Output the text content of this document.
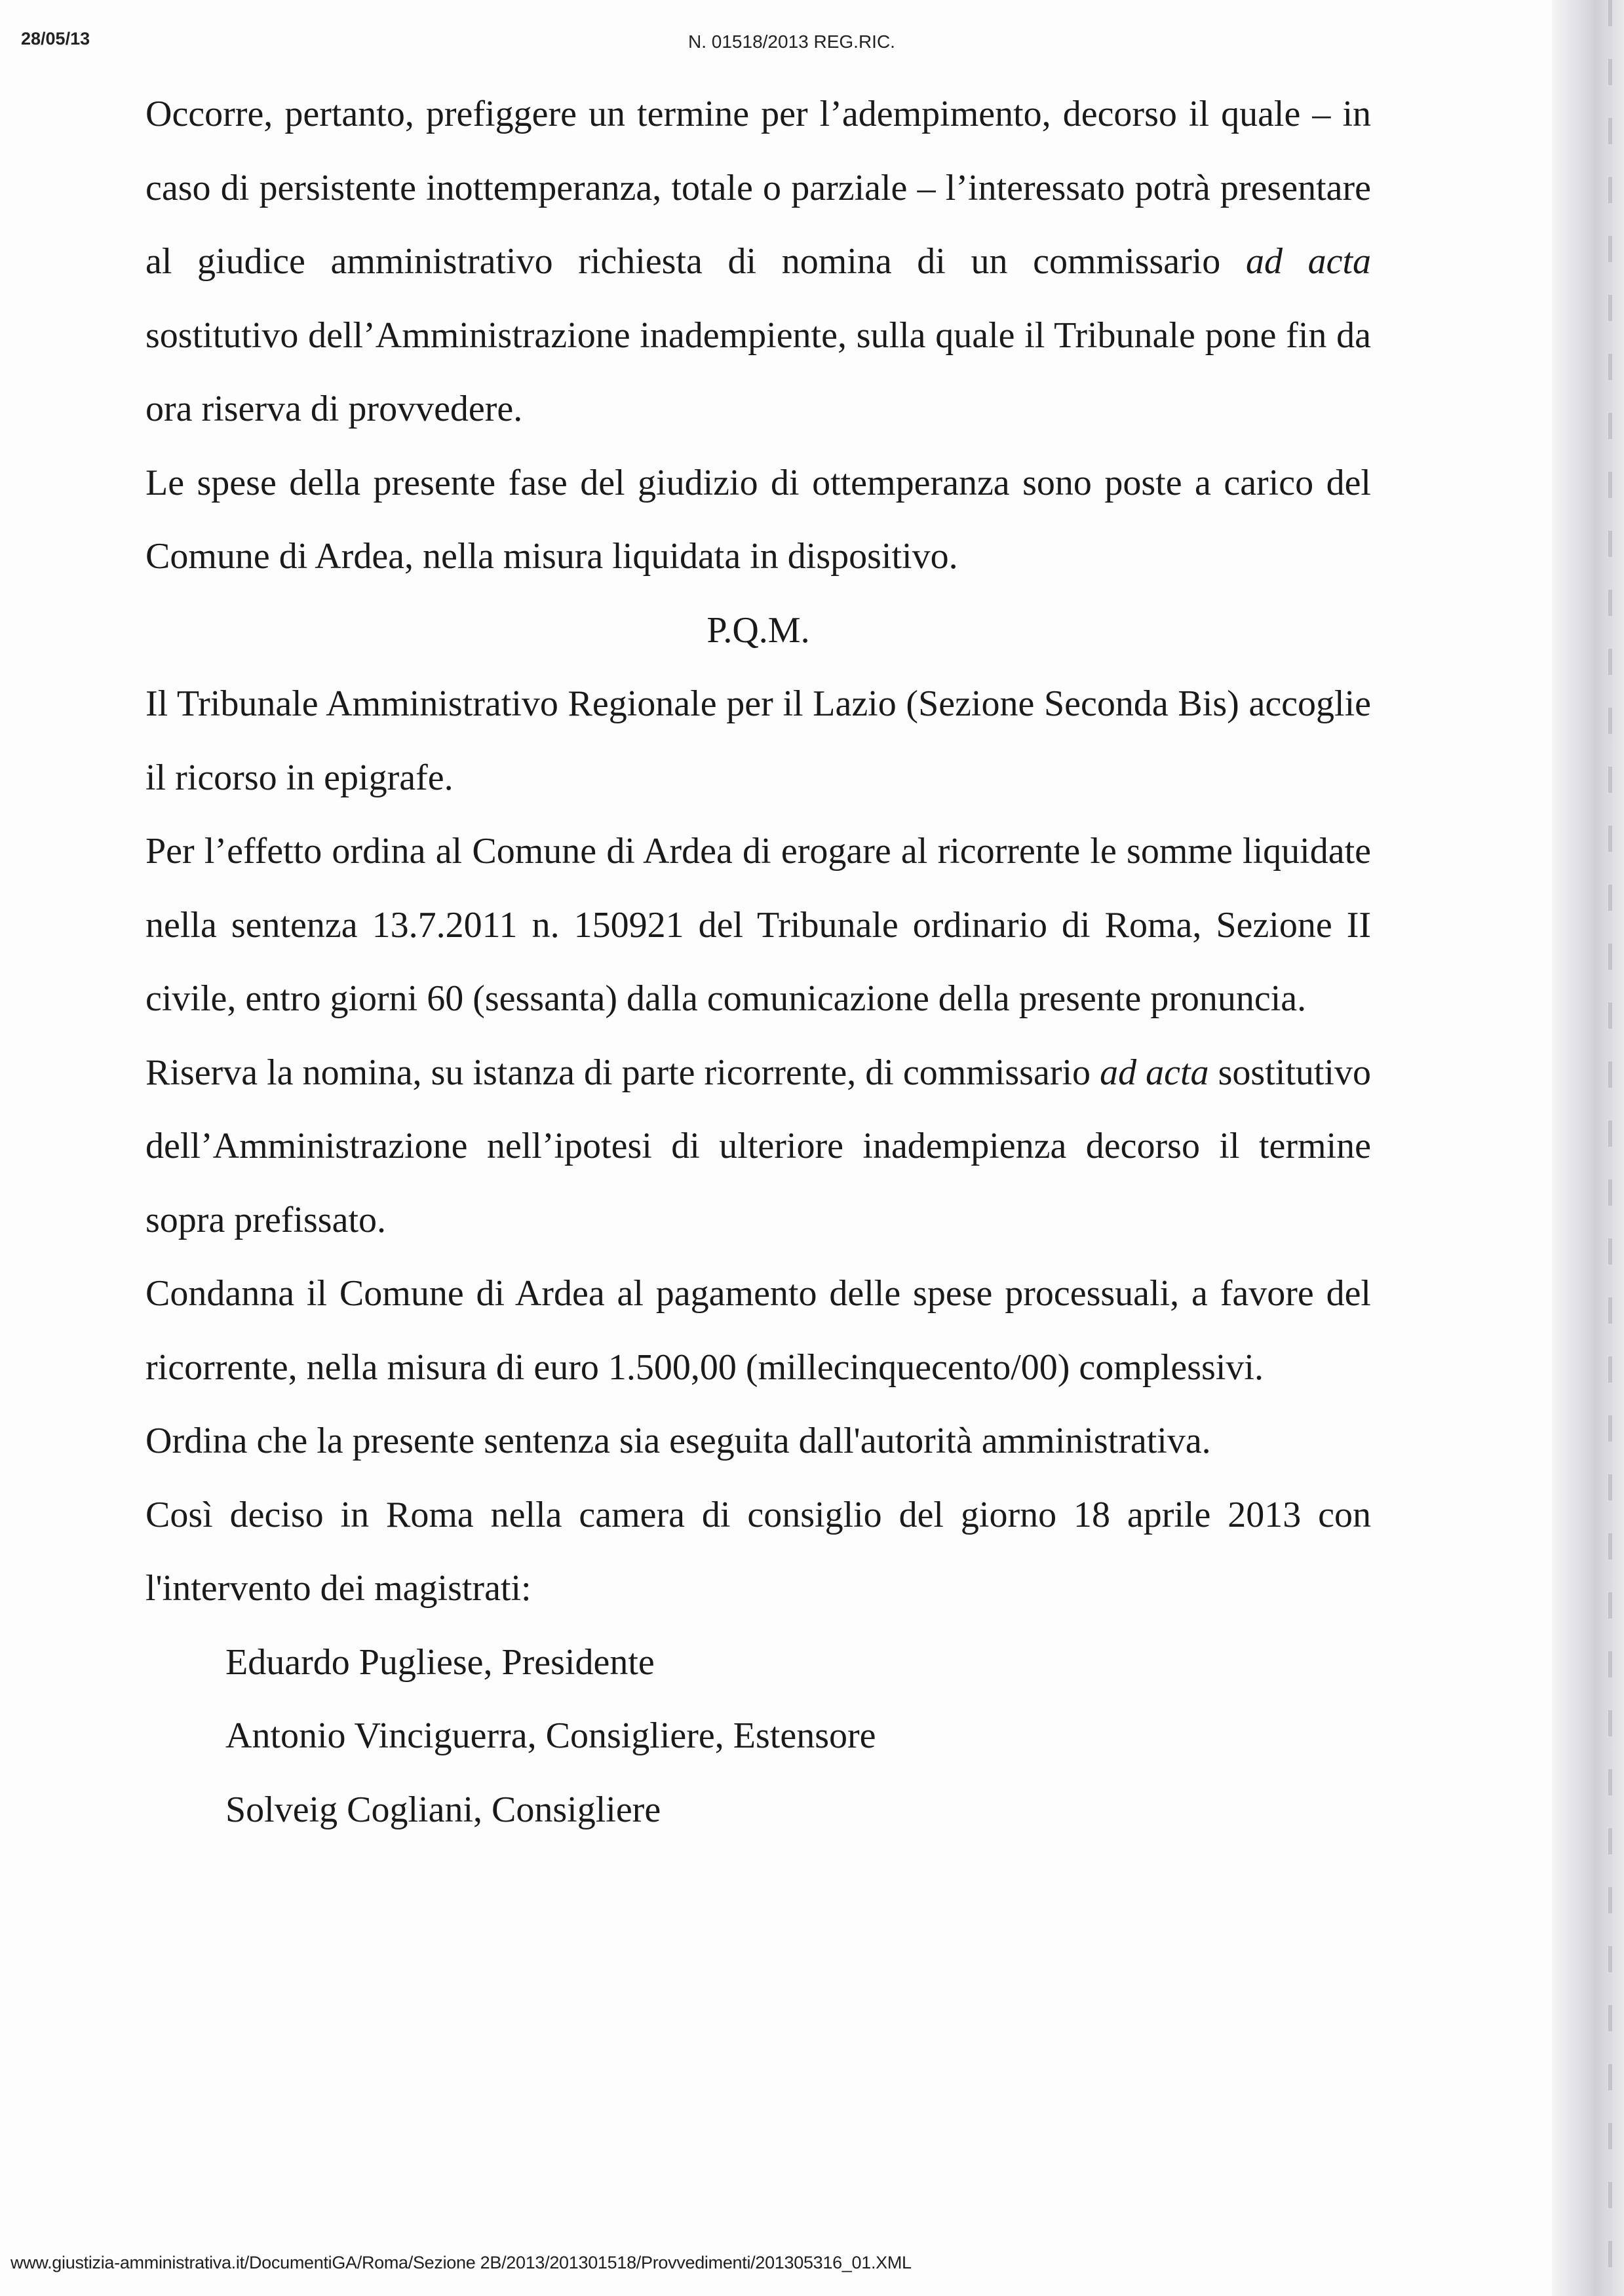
28/05/13	N. 01518/2013 REG.RIC.

Occorre, pertanto, prefiggere un termine per l’adempimento, decorso il quale – in caso di persistente inottemperanza, totale o parziale – l’interessato potrà presentare al giudice amministrativo richiesta di nomina di un commissario ad acta sostitutivo dell’Amministrazione inadempiente, sulla quale il Tribunale pone fin da ora riserva di provvedere.

Le spese della presente fase del giudizio di ottemperanza sono poste a carico del Comune di Ardea, nella misura liquidata in dispositivo.

P.Q.M.

Il Tribunale Amministrativo Regionale per il Lazio (Sezione Seconda Bis) accoglie il ricorso in epigrafe.

Per l’effetto ordina al Comune di Ardea di erogare al ricorrente le somme liquidate nella sentenza 13.7.2011 n. 150921 del Tribunale ordinario di Roma, Sezione II civile, entro giorni 60 (sessanta) dalla comunicazione della presente pronuncia.

Riserva la nomina, su istanza di parte ricorrente, di commissario ad acta sostitutivo dell’Amministrazione nell’ipotesi di ulteriore inadempienza decorso il termine sopra prefissato.

Condanna il Comune di Ardea al pagamento delle spese processuali, a favore del ricorrente, nella misura di euro 1.500,00 (millecinquecento/00) complessivi.

Ordina che la presente sentenza sia eseguita dall'autorità amministrativa.

Così deciso in Roma nella camera di consiglio del giorno 18 aprile 2013 con l'intervento dei magistrati:

Eduardo Pugliese, Presidente

Antonio Vinciguerra, Consigliere, Estensore

Solveig Cogliani, Consigliere

www.giustizia-amministrativa.it/DocumentiGA/Roma/Sezione 2B/2013/201301518/Provvedimenti/201305316_01.XML
